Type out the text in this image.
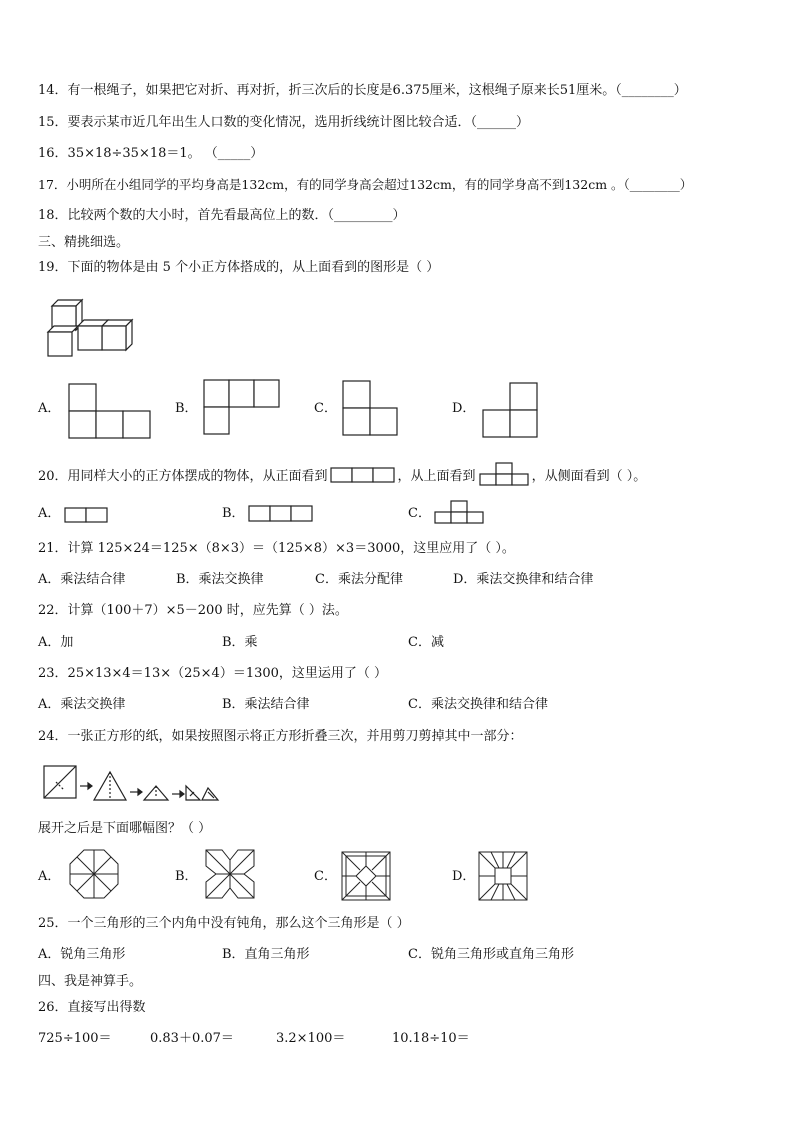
14．有一根绳子，如果把它对折、再对折，折三次后的长度是6.375厘米，这根绳子原来长51厘米。（________）
15．要表示某市近几年出生人口数的变化情况，选用折线统计图比较合适．（______）
16．35×18÷35×18＝1。 （_____）
17．小明所在小组同学的平均身高是132cm，有的同学身高会超过132cm，有的同学身高不到132cm 。（________）
18．比较两个数的大小时，首先看最高位上的数．（_________）
三、精挑细选。
19．下面的物体是由 5 个小正方体搭成的，从上面看到的图形是（ ）
A．	B．	C．	D．
20．用同样大小的正方体摆成的物体，从正面看到	，从上面看到	，从侧面看到（ ）。
A．	B．	C．
21．计算 125×24＝125×（8×3）＝（125×8）×3＝3000，这里应用了（ ）。
A．乘法结合律	B．乘法交换律	C．乘法分配律	D．乘法交换律和结合律
22．计算（100＋7）×5－200 时，应先算（ ）法。
A．加	B．乘	C．减
23．25×13×4＝13×（25×4）＝1300，这里运用了（ ）
A．乘法交换律	B．乘法结合律	C．乘法交换律和结合律
24．一张正方形的纸，如果按照图示将正方形折叠三次，并用剪刀剪掉其中一部分：
展开之后是下面哪幅图？（ ）
A．	B．	C．	D．
25．一个三角形的三个内角中没有钝角，那么这个三角形是（ ）
A．锐角三角形	B．直角三角形	C．锐角三角形或直角三角形
四、我是神算手。
26．直接写出得数
725÷100＝	0.83＋0.07＝	3.2×100＝	10.18÷10＝
